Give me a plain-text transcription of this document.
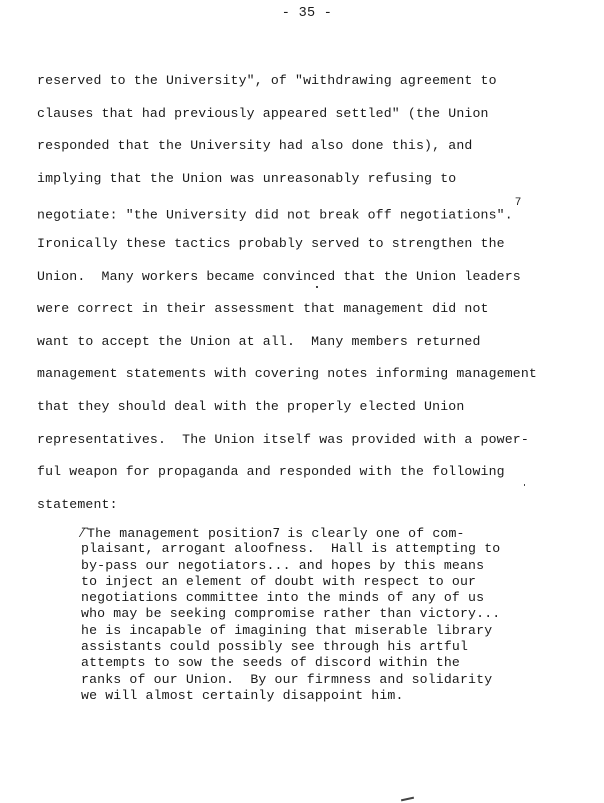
- 35 -
reserved to the University", of "withdrawing agreement to
clauses that had previously appeared settled" (the Union
responded that the University had also done this), and
implying that the Union was unreasonably refusing to
negotiate: "the University did not break off negotiations".$^7$
Ironically these tactics probably served to strengthen the
Union.  Many workers became convinced that the Union leaders
were correct in their assessment that management did not
want to accept the Union at all.  Many members returned
management statements with covering notes informing management
that they should deal with the properly elected Union
representatives.  The Union itself was provided with a power-
ful weapon for propaganda and responded with the following
statement:
⁄‾The management position7 is clearly one of com-
plaisant, arrogant aloofness.  Hall is attempting to
by-pass our negotiators... and hopes by this means
to inject an element of doubt with respect to our
negotiations committee into the minds of any of us
who may be seeking compromise rather than victory...
he is incapable of imagining that miserable library
assistants could possibly see through his artful
attempts to sow the seeds of discord within the
ranks of our Union.  By our firmness and solidarity
we will almost certainly disappoint him.
